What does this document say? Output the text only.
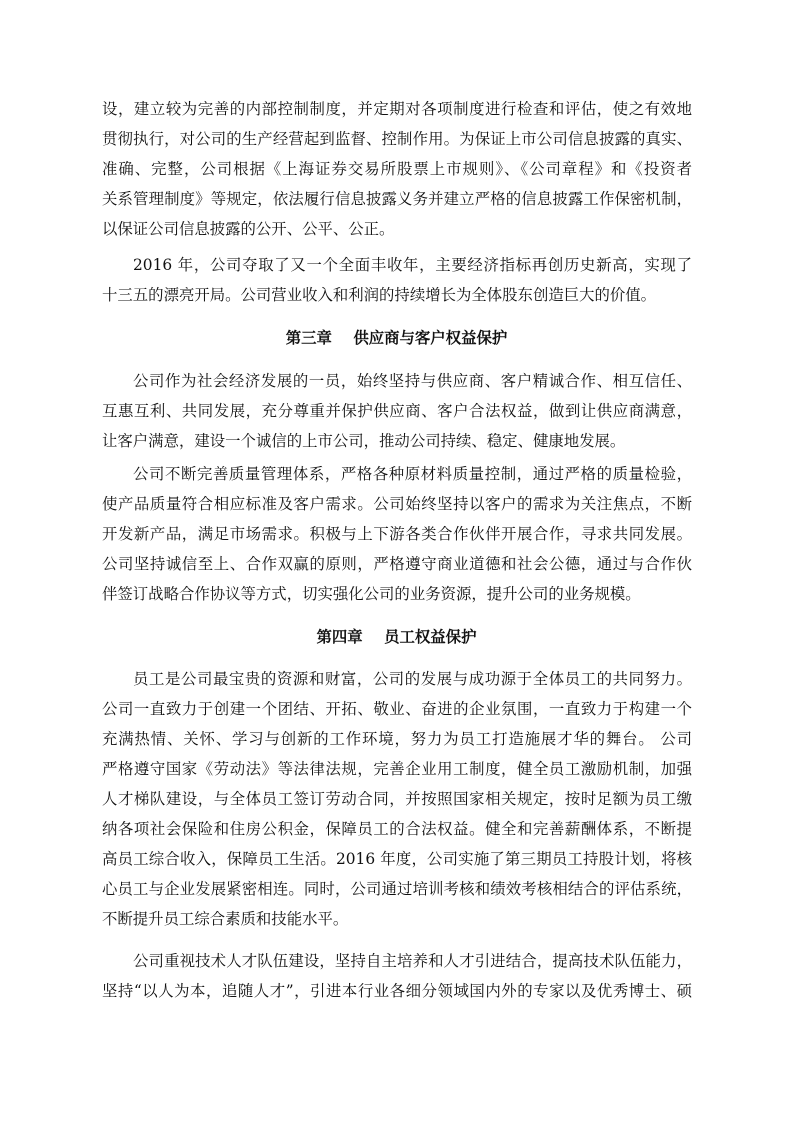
设，建立较为完善的内部控制制度，并定期对各项制度进行检查和评估，使之有效地
贯彻执行，对公司的生产经营起到监督、控制作用。为保证上市公司信息披露的真实、
准确、完整，公司根据《上海证券交易所股票上市规则》、《公司章程》和《投资者
关系管理制度》等规定，依法履行信息披露义务并建立严格的信息披露工作保密机制，
以保证公司信息披露的公开、公平、公正。
2016 年，公司夺取了又一个全面丰收年，主要经济指标再创历史新高，实现了
十三五的漂亮开局。公司营业收入和利润的持续增长为全体股东创造巨大的价值。
第三章    供应商与客户权益保护
公司作为社会经济发展的一员，始终坚持与供应商、客户精诚合作、相互信任、
互惠互利、共同发展，充分尊重并保护供应商、客户合法权益，做到让供应商满意，
让客户满意，建设一个诚信的上市公司，推动公司持续、稳定、健康地发展。
公司不断完善质量管理体系，严格各种原材料质量控制，通过严格的质量检验，
使产品质量符合相应标准及客户需求。公司始终坚持以客户的需求为关注焦点，不断
开发新产品，满足市场需求。积极与上下游各类合作伙伴开展合作，寻求共同发展。
公司坚持诚信至上、合作双赢的原则，严格遵守商业道德和社会公德，通过与合作伙
伴签订战略合作协议等方式，切实强化公司的业务资源，提升公司的业务规模。
第四章    员工权益保护
员工是公司最宝贵的资源和财富，公司的发展与成功源于全体员工的共同努力。
公司一直致力于创建一个团结、开拓、敬业、奋进的企业氛围，一直致力于构建一个
充满热情、关怀、学习与创新的工作环境，努力为员工打造施展才华的舞台。 公司
严格遵守国家《劳动法》等法律法规，完善企业用工制度，健全员工激励机制，加强
人才梯队建设，与全体员工签订劳动合同，并按照国家相关规定，按时足额为员工缴
纳各项社会保险和住房公积金，保障员工的合法权益。健全和完善薪酬体系，不断提
高员工综合收入，保障员工生活。2016 年度，公司实施了第三期员工持股计划，将核
心员工与企业发展紧密相连。同时，公司通过培训考核和绩效考核相结合的评估系统，
不断提升员工综合素质和技能水平。
公司重视技术人才队伍建设，坚持自主培养和人才引进结合，提高技术队伍能力，
坚持“以人为本，追随人才”，引进本行业各细分领域国内外的专家以及优秀博士、硕
